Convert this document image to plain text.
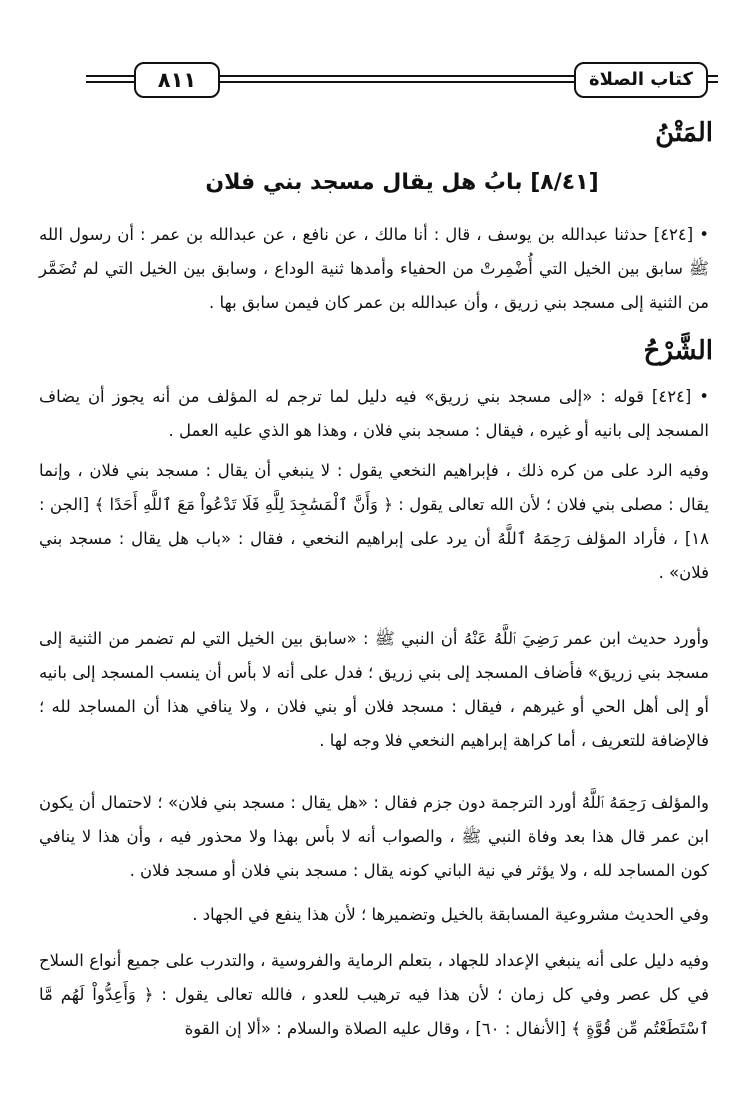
٨١١	كتاب الصلاة
المَتْنُ
[٨/٤١] بابُ هل يقال مسجد بني فلان
• [٤٢٤] حدثنا عبدالله بن يوسف ، قال : أنا مالك ، عن نافع ، عن عبدالله بن عمر : أن رسول الله ﷺ سابق بين الخيل التي أُضْمِرتْ من الحفياء وأمدها ثنية الوداع ، وسابق بين الخيل التي لم تُضَمَّر من الثنية إلى مسجد بني زريق ، وأن عبدالله بن عمر كان فيمن سابق بها .
الشَّرْحُ
• [٤٢٤] قوله : «إلى مسجد بني زريق» فيه دليل لما ترجم له المؤلف من أنه يجوز أن يضاف المسجد إلى بانيه أو غيره ، فيقال : مسجد بني فلان ، وهذا هو الذي عليه العمل .
وفيه الرد على من كره ذلك ، فإبراهيم النخعي يقول : لا ينبغي أن يقال : مسجد بني فلان ، وإنما يقال : مصلى بني فلان ؛ لأن الله تعالى يقول : ﴿ وَأَنَّ ٱلْمَسَٰجِدَ لِلَّهِ فَلَا تَدْعُواْ مَعَ ٱللَّهِ أَحَدًا ﴾ [الجن : ١٨] ، فأراد المؤلف رَحِمَهُ ٱللَّهُ أن يرد على إبراهيم النخعي ، فقال : «باب هل يقال : مسجد بني فلان» .
وأورد حديث ابن عمر رَضِيَ ٱللَّهُ عَنْهُ أن النبي ﷺ : «سابق بين الخيل التي لم تضمر من الثنية إلى مسجد بني زريق» فأضاف المسجد إلى بني زريق ؛ فدل على أنه لا بأس أن ينسب المسجد إلى بانيه أو إلى أهل الحي أو غيرهم ، فيقال : مسجد فلان أو بني فلان ، ولا ينافي هذا أن المساجد لله ؛ فالإضافة للتعريف ، أما كراهة إبراهيم النخعي فلا وجه لها .
والمؤلف رَحِمَهُ ٱللَّهُ أورد الترجمة دون جزم فقال : «هل يقال : مسجد بني فلان» ؛ لاحتمال أن يكون ابن عمر قال هذا بعد وفاة النبي ﷺ ، والصواب أنه لا بأس بهذا ولا محذور فيه ، وأن هذا لا ينافي كون المساجد لله ، ولا يؤثر في نية الباني كونه يقال : مسجد بني فلان أو مسجد فلان .
وفي الحديث مشروعية المسابقة بالخيل وتضميرها ؛ لأن هذا ينفع في الجهاد .
وفيه دليل على أنه ينبغي الإعداد للجهاد ، بتعلم الرماية والفروسية ، والتدرب على جميع أنواع السلاح في كل عصر وفي كل زمان ؛ لأن هذا فيه ترهيب للعدو ، فالله تعالى يقول : ﴿ وَأَعِدُّواْ لَهُم مَّا ٱسْتَطَعْتُم مِّن قُوَّةٍ ﴾ [الأنفال : ٦٠] ، وقال عليه الصلاة والسلام : «ألا إن القوة
